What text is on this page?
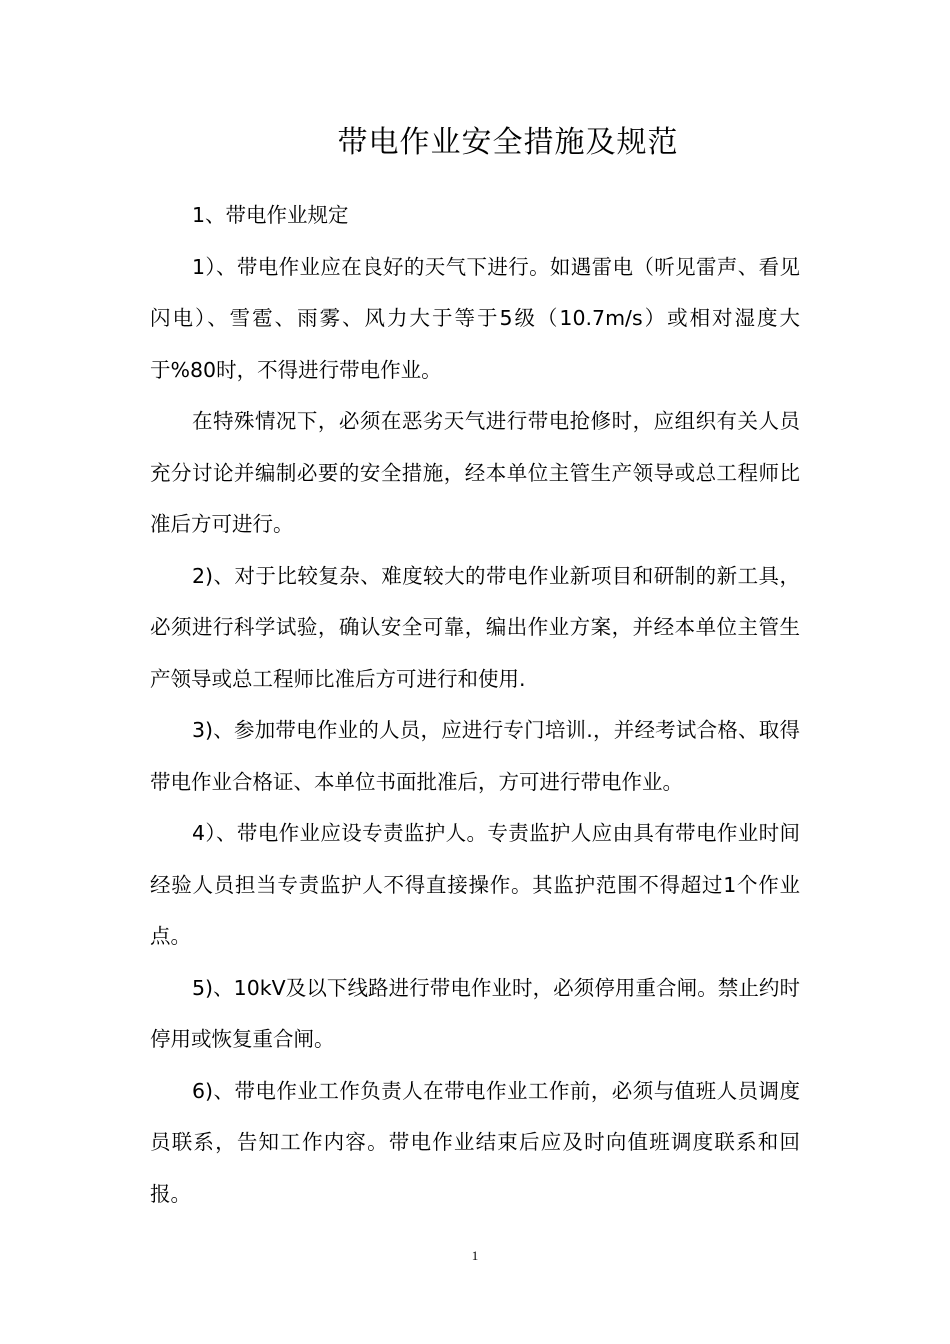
带电作业安全措施及规范

1、带电作业规定

1）、带电作业应在良好的天气下进行。如遇雷电（听见雷声、看见闪电）、雪雹、雨雾、风力大于等于5级（10.7m/s）或相对湿度大于%80时，不得进行带电作业。

在特殊情况下，必须在恶劣天气进行带电抢修时，应组织有关人员充分讨论并编制必要的安全措施，经本单位主管生产领导或总工程师比准后方可进行。

2)、对于比较复杂、难度较大的带电作业新项目和研制的新工具，必须进行科学试验，确认安全可靠，编出作业方案，并经本单位主管生产领导或总工程师比准后方可进行和使用.

3)、参加带电作业的人员，应进行专门培训.，并经考试合格、取得带电作业合格证、本单位书面批准后，方可进行带电作业。

4）、带电作业应设专责监护人。专责监护人应由具有带电作业时间经验人员担当专责监护人不得直接操作。其监护范围不得超过1个作业点。

5)、10kV及以下线路进行带电作业时，必须停用重合闸。禁止约时停用或恢复重合闸。

6)、带电作业工作负责人在带电作业工作前，必须与值班人员调度员联系，告知工作内容。带电作业结束后应及时向值班调度联系和回报。

1
